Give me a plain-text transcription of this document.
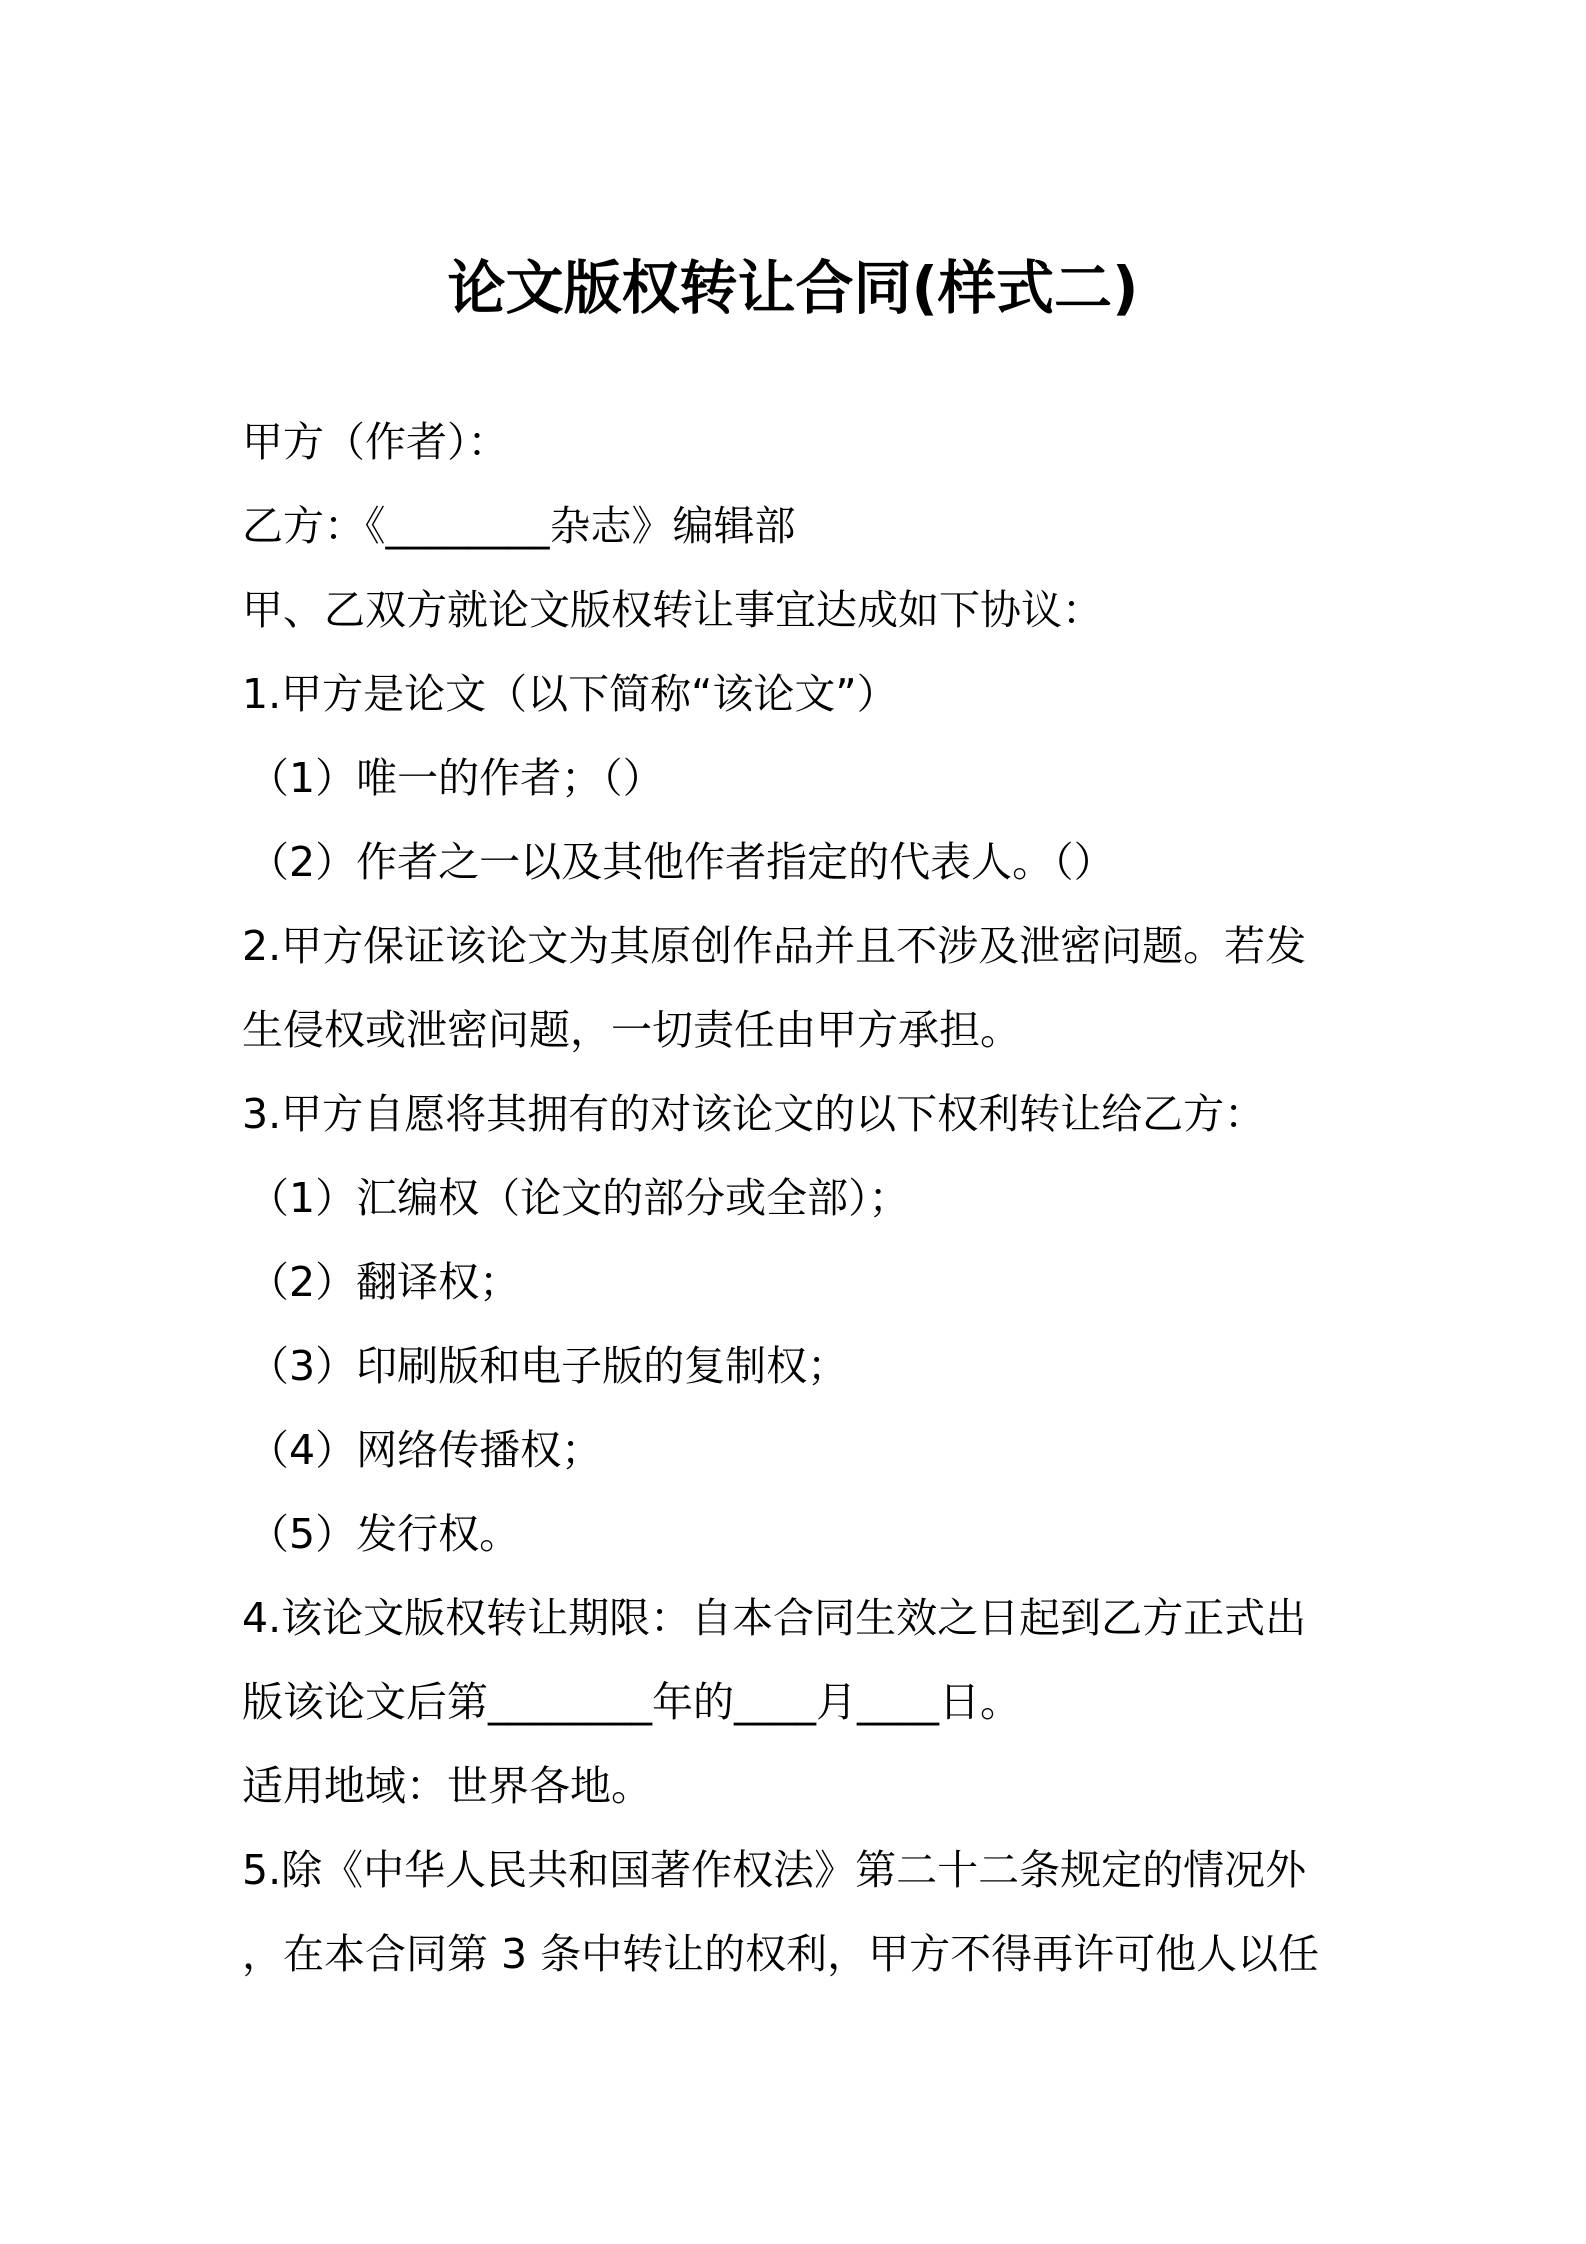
论文版权转让合同(样式二)
甲方（作者）：
乙方：《________杂志》编辑部
甲、乙双方就论文版权转让事宜达成如下协议：
1.甲方是论文（以下简称“该论文”）
（1）唯一的作者；（）
（2）作者之一以及其他作者指定的代表人。（）
2.甲方保证该论文为其原创作品并且不涉及泄密问题。若发
生侵权或泄密问题，一切责任由甲方承担。
3.甲方自愿将其拥有的对该论文的以下权利转让给乙方：
（1）汇编权（论文的部分或全部）；
（2）翻译权；
（3）印刷版和电子版的复制权；
（4）网络传播权；
（5）发行权。
4.该论文版权转让期限：自本合同生效之日起到乙方正式出
版该论文后第________年的____月____日。
适用地域：世界各地。
5.除《中华人民共和国著作权法》第二十二条规定的情况外
，在本合同第 3 条中转让的权利，甲方不得再许可他人以任
